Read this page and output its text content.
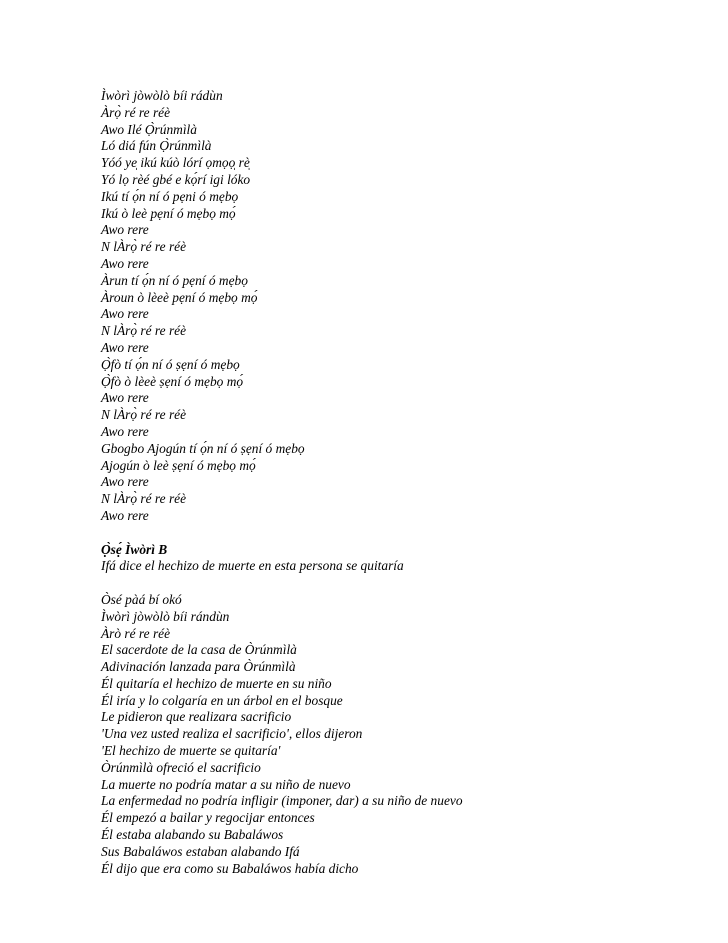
Ìwòrì jòwòlò bíi rádùn
Àrọ̀ ré re réè
Awo Ilé Ọ̀rúnmìlà
Ló diá fún Ọ̀rúnmìlà
Yóó ye̩ ikú kúò lórí ọmọọ̩ rè̩
Yó lọ rèé gbé e kọ́rí igi lóko
Ikú tí ọ́n ní ó pẹni ó mẹbọ
Ikú ò leè pẹní ó mẹbọ mọ́
Awo rere
N lÀrọ̀ ré re réè
Awo rere
Àrun tí ọ́n ní ó pẹní ó mẹbọ
Àroun ò lèeè pẹní ó mẹbọ mọ́
Awo rere
N lÀrọ̀ ré re réè
Awo rere
Ọ̀fò tí ọ́n ní ó ṣẹní ó mẹbọ
Ọ̀fò ò lèeè ṣẹní ó mẹbọ mọ́
Awo rere
N lÀrọ̀ ré re réè
Awo rere
Gbogbo Ajogún tí ọ́n ní ó ṣẹní ó mẹbọ
Ajogún ò leè ṣẹní ó mẹbọ mọ́
Awo rere
N lÀrọ̀ ré re réè
Awo rere
Ọ̀sẹ́ Ìwòrì B
Ifá dice el hechizo de muerte en esta persona se quitaría
Òsé pàá bí okó
Ìwòrì jòwòlò bíi rándùn
Àrò ré re réè
El sacerdote de la casa de Òrúnmìlà
Adivinación lanzada para Òrúnmìlà
Él quitaría el hechizo de muerte en su niño
Él iría y lo colgaría en un árbol en el bosque
Le pidieron que realizara sacrificio
'Una vez usted realiza el sacrificio', ellos dijeron
'El hechizo de muerte se quitaría'
Òrúnmìlà ofreció el sacrificio
La muerte no podría matar a su niño de nuevo
La enfermedad no podría infligir (imponer, dar) a su niño de nuevo
Él empezó a bailar y regocijar entonces
Él estaba alabando su Babaláwos
Sus Babaláwos estaban alabando Ifá
Él dijo que era como su Babaláwos había dicho
